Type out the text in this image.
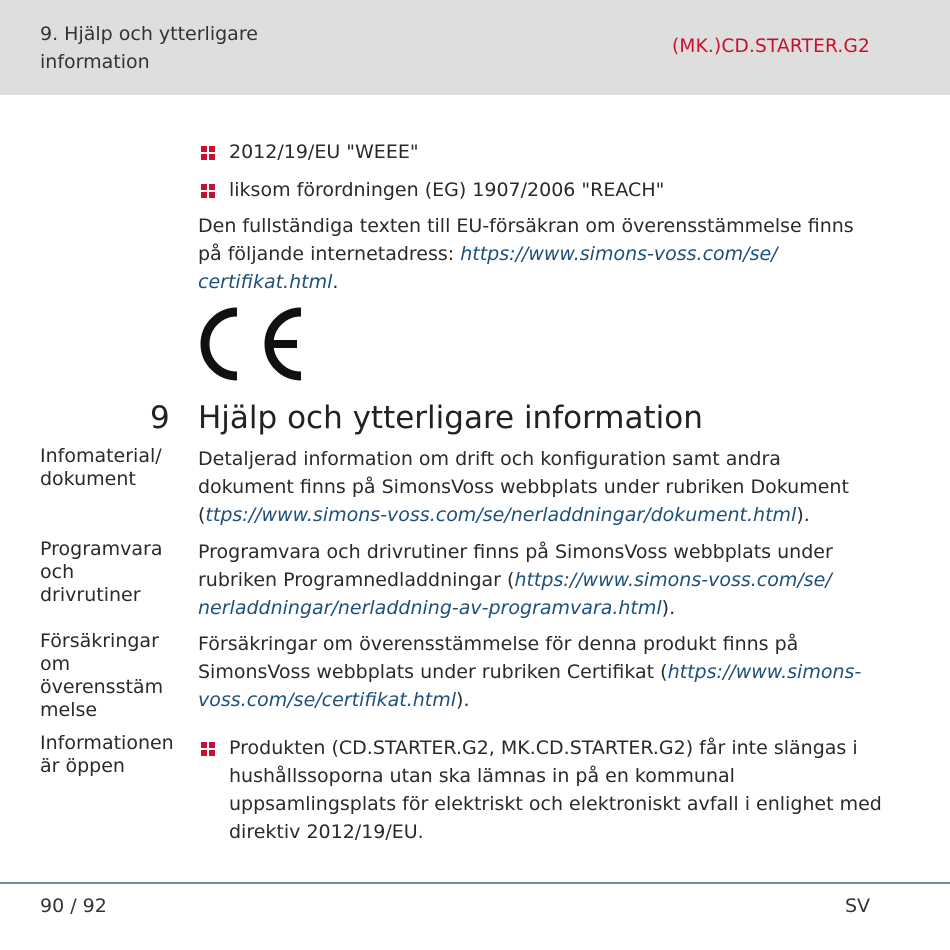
9. Hjälp och ytterligare
information
(MK.)CD.STARTER.G2
2012/19/EU "WEEE"
liksom förordningen (EG) 1907/2006 "REACH"
Den fullständiga texten till EU-försäkran om överensstämmelse finns
på följande internetadress: https://www.simons-voss.com/se/
certifikat.html.
9 Hjälp och ytterligare information
Infomaterial/
dokument
Detaljerad information om drift och konfiguration samt andra
dokument finns på SimonsVoss webbplats under rubriken Dokument
(ttps://www.simons-voss.com/se/nerladdningar/dokument.html).
Programvara
och drivrutiner
Programvara och drivrutiner finns på SimonsVoss webbplats under
rubriken Programnedladdningar (https://www.simons-voss.com/se/
nerladdningar/nerladdning-av-programvara.html).
Försäkringar
om
överensstäm
melse
Försäkringar om överensstämmelse för denna produkt finns på
SimonsVoss webbplats under rubriken Certifikat (https://www.simons-
voss.com/se/certifikat.html).
Informationen
är öppen
Produkten (CD.STARTER.G2, MK.CD.STARTER.G2) får inte slängas i
hushållssoporna utan ska lämnas in på en kommunal
uppsamlingsplats för elektriskt och elektroniskt avfall i enlighet med
direktiv 2012/19/EU.
90 / 92	SV
